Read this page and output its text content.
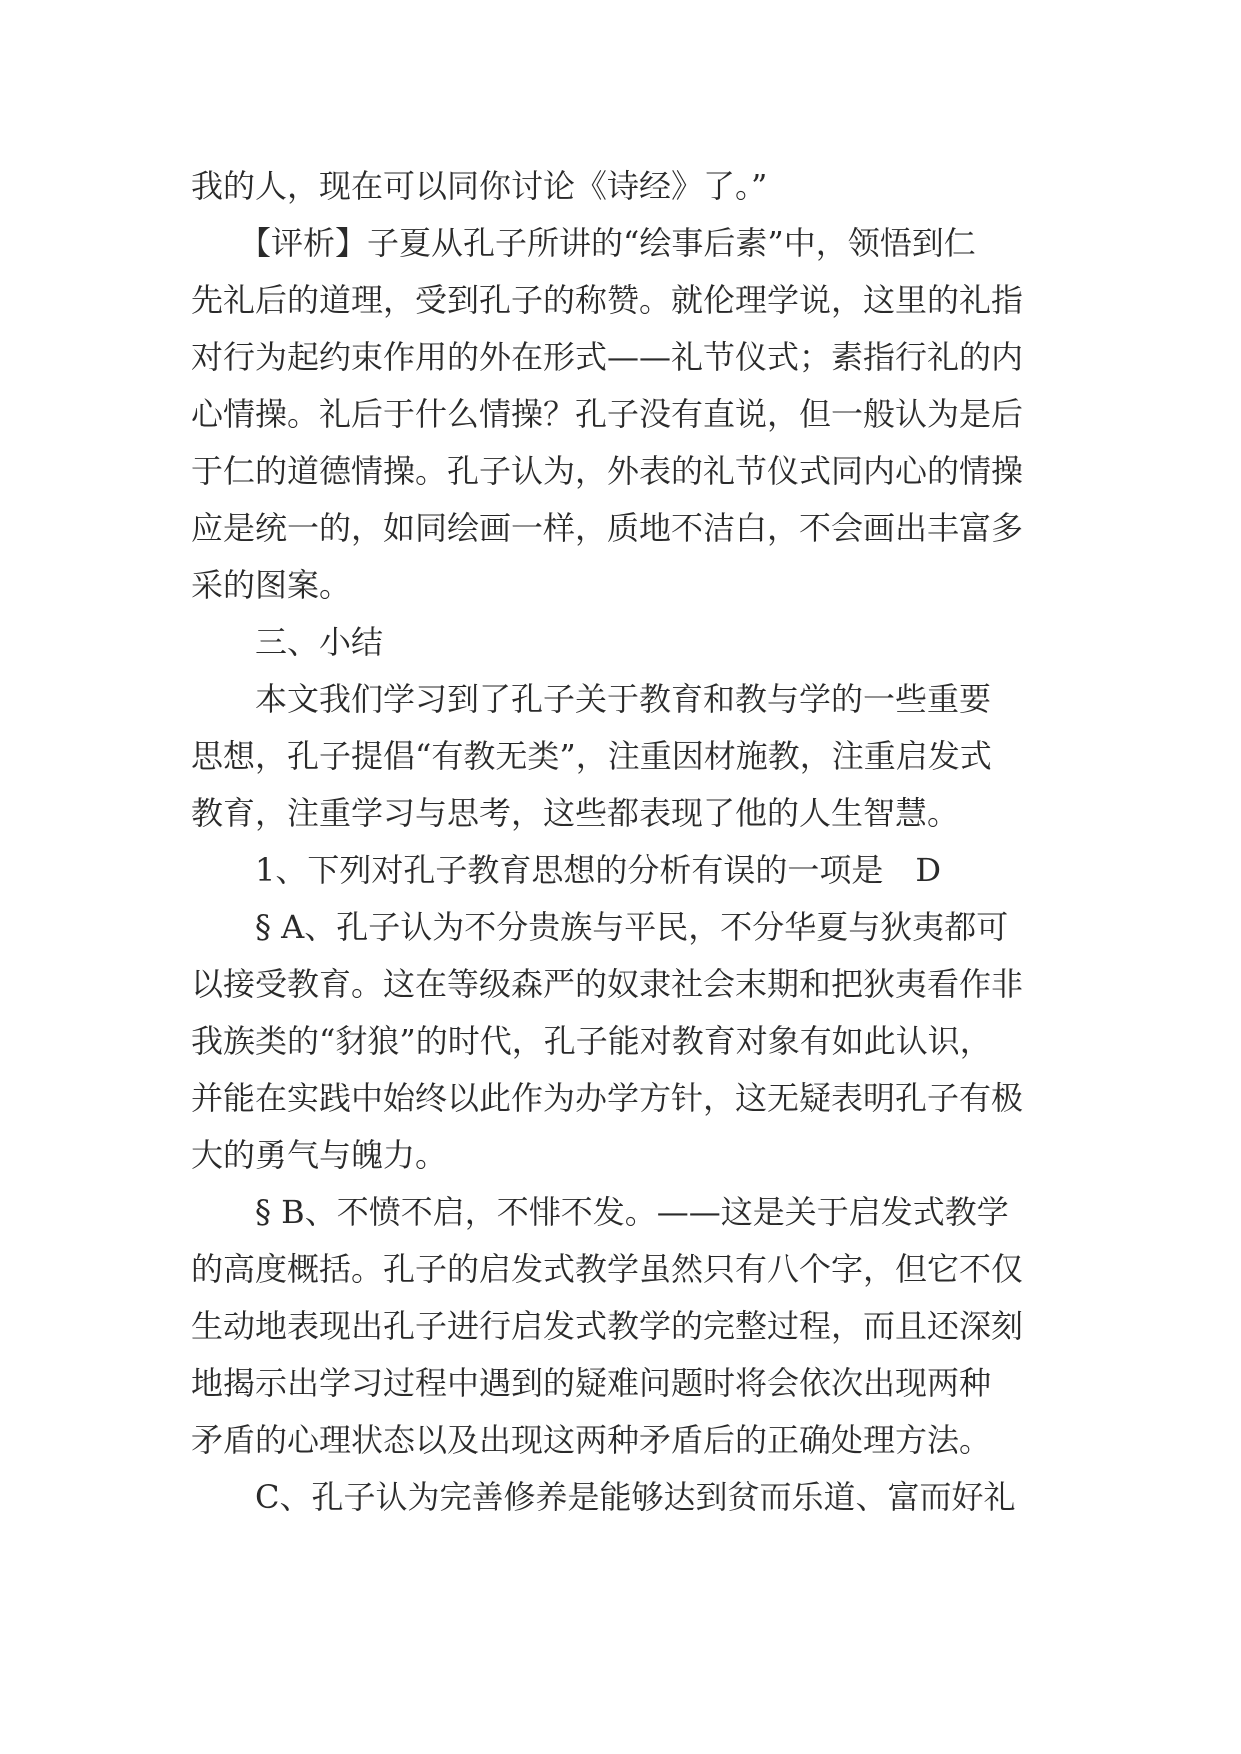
我的人，现在可以同你讨论《诗经》了。”
　　【评析】子夏从孔子所讲的“绘事后素”中，领悟到仁
先礼后的道理，受到孔子的称赞。就伦理学说，这里的礼指
对行为起约束作用的外在形式——礼节仪式；素指行礼的内
心情操。礼后于什么情操？孔子没有直说，但一般认为是后
于仁的道德情操。孔子认为，外表的礼节仪式同内心的情操
应是统一的，如同绘画一样，质地不洁白，不会画出丰富多
采的图案。
　　三、小结
　　本文我们学习到了孔子关于教育和教与学的一些重要
思想，孔子提倡“有教无类”，注重因材施教，注重启发式
教育，注重学习与思考，这些都表现了他的人生智慧。
　　1、下列对孔子教育思想的分析有误的一项是　D
　　§ A、孔子认为不分贵族与平民，不分华夏与狄夷都可
以接受教育。这在等级森严的奴隶社会末期和把狄夷看作非
我族类的“豺狼”的时代，孔子能对教育对象有如此认识，
并能在实践中始终以此作为办学方针，这无疑表明孔子有极
大的勇气与魄力。
　　§ B、不愤不启，不悱不发。——这是关于启发式教学
的高度概括。孔子的启发式教学虽然只有八个字，但它不仅
生动地表现出孔子进行启发式教学的完整过程，而且还深刻
地揭示出学习过程中遇到的疑难问题时将会依次出现两种
矛盾的心理状态以及出现这两种矛盾后的正确处理方法。
　　C、孔子认为完善修养是能够达到贫而乐道、富而好礼
